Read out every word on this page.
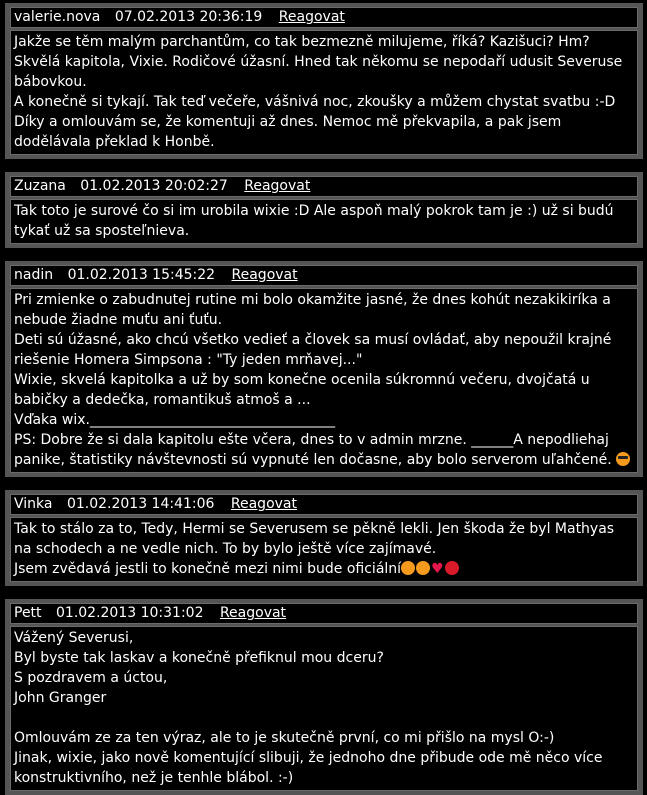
valerie.nova 07.02.2013 20:36:19 Reagovat
Jakže se těm malým parchantům, co tak bezmezně milujeme, říká? Kazišuci? Hm?
Skvělá kapitola, Vixie. Rodičové úžasní. Hned tak někomu se nepodaří udusit Severuse bábovkou.
A konečně si tykají. Tak teď večeře, vášnivá noc, zkoušky a můžem chystat svatbu :-D
Díky a omlouvám se, že komentuji až dnes. Nemoc mě překvapila, a pak jsem dodělávala překlad k Honbě.
Zuzana 01.02.2013 20:02:27 Reagovat
Tak toto je surové čo si im urobila wixie :D Ale aspoň malý pokrok tam je :) už si budú tykať už sa sposteľnieva.
nadin 01.02.2013 15:45:22 Reagovat
Pri zmienke o zabudnutej rutine mi bolo okamžite jasné, že dnes kohút nezakikiríka a nebude žiadne muťu ani ťuťu.
Deti sú úžasné, ako chcú všetko vedieť a človek sa musí ovládať, aby nepoužil krajné riešenie Homera Simpsona : "Ty jeden mrňavej..."
Wixie, skvelá kapitolka a už by som konečne ocenila súkromnú večeru, dvojčatá u babičky a dedečka, romantikuš atmoš a ...
Vďaka wix.___________________________________
PS: Dobre že si dala kapitolu ešte včera, dnes to v admin mrzne. ______A nepodliehaj panike, štatistiky návštevnosti sú vypnuté len dočasne, aby bolo serverom uľahčené.
Vinka 01.02.2013 14:41:06 Reagovat
Tak to stálo za to, Tedy, Hermi se Severusem se pěkně lekli. Jen škoda že byl Mathyas na schodech a ne vedle nich. To by bylo ještě více zajímavé.
Jsem zvědavá jestli to konečně mezi nimi bude oficiální ♥
Pett 01.02.2013 10:31:02 Reagovat
Vážený Severusi,
Byl byste tak laskav a konečně přefiknul mou dceru?
S pozdravem a úctou,
John Granger
Omlouvám ze za ten výraz, ale to je skutečně první, co mi přišlo na mysl O:-)
Jinak, wixie, jako nově komentující slibuji, že jednoho dne přibude ode mě něco více konstruktivního, než je tenhle blábol. :-)
